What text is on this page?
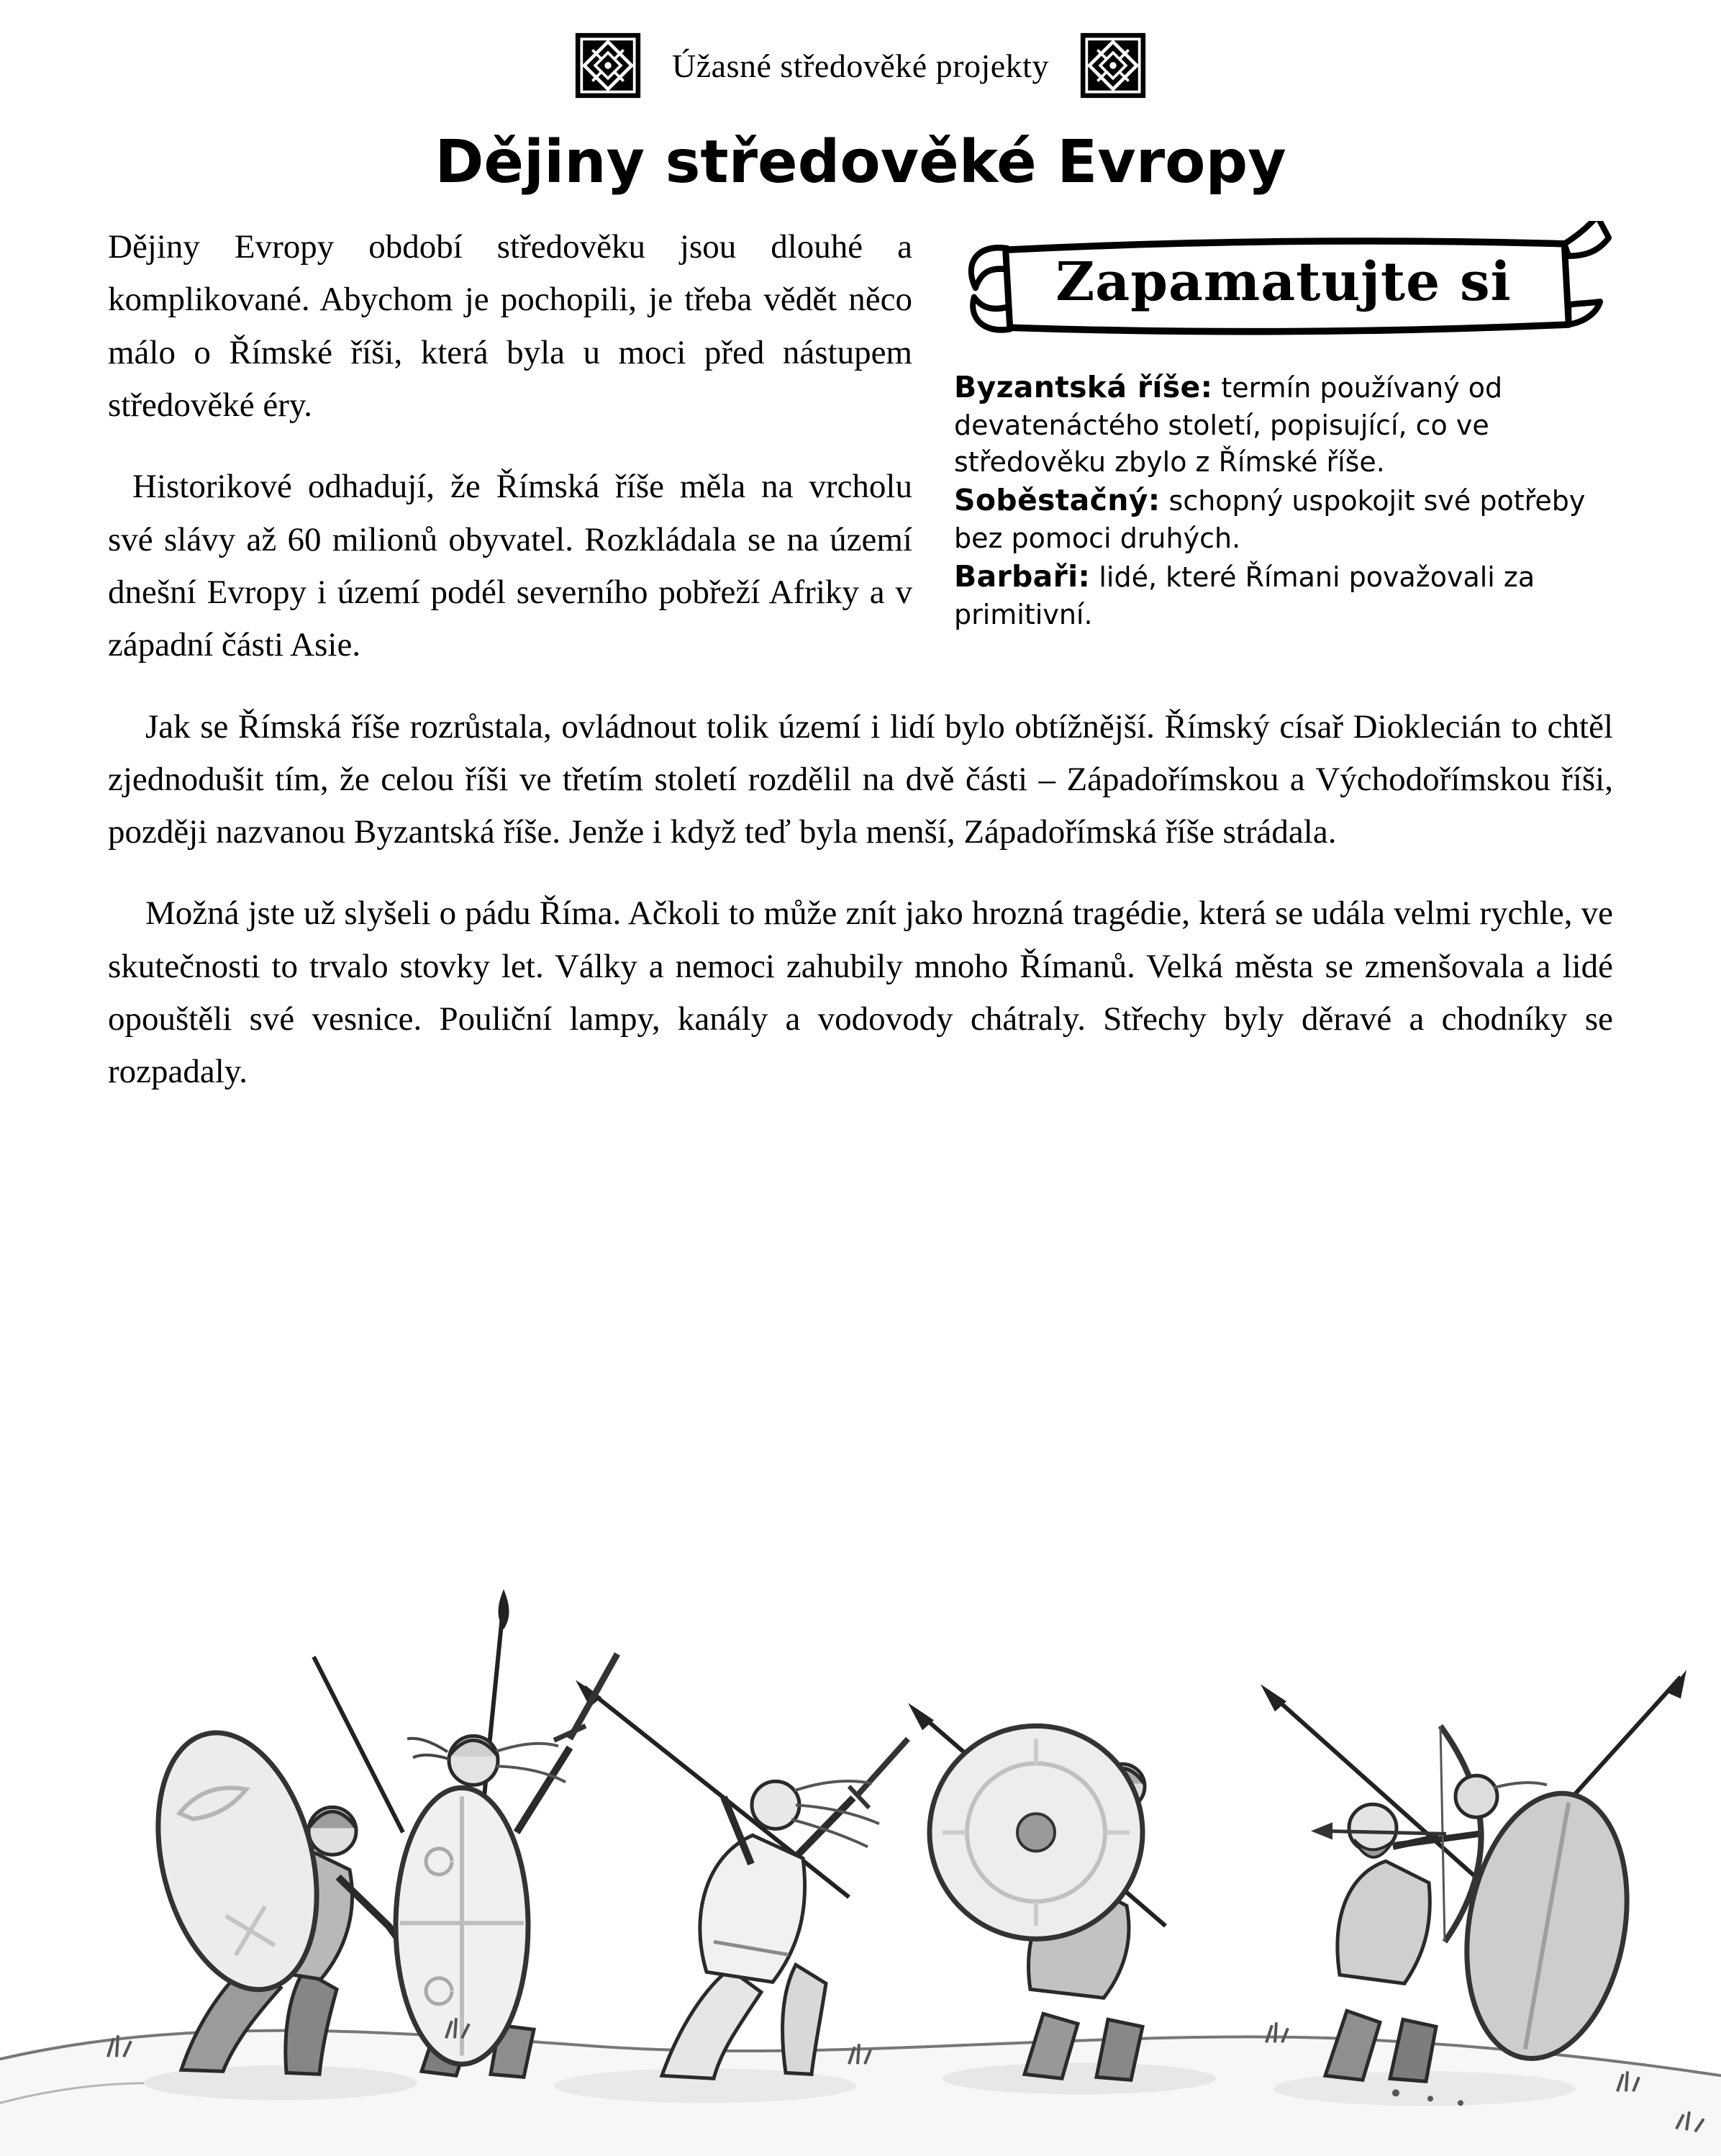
Úžasné středověké projekty
Dějiny středověké Evropy

Dějiny Evropy období středověku jsou dlouhé a komplikované. Abychom je pochopili, je třeba vědět něco málo o Římské říši, která byla u moci před nástupem středověké éry.

Historikové odhadují, že Římská říše měla na vrcholu své slávy až 60 milionů obyvatel. Rozkládala se na území dnešní Evropy i území podél severního pobřeží Afriky a v západní části Asie.

Zapamatujte si

Byzantská říše: termín používaný od devatenáctého století, popisující, co ve středověku zbylo z Římské říše.

Soběstačný: schopný uspokojit své potřeby bez pomoci druhých.

Barbaři: lidé, které Římani považovali za primitivní.

Jak se Římská říše rozrůstala, ovládnout tolik území i lidí bylo obtížnější. Římský císař Dioklecián to chtěl zjednodušit tím, že celou říši ve třetím století rozdělil na dvě části – Západořímskou a Východořímskou říši, později nazvanou Byzantská říše. Jenže i když teď byla menší, Západořímská říše strádala.

Možná jste už slyšeli o pádu Říma. Ačkoli to může znít jako hrozná tragédie, která se udála velmi rychle, ve skutečnosti to trvalo stovky let. Války a nemoci zahubily mnoho Římanů. Velká města se zmenšovala a lidé opouštěli své vesnice. Pouliční lampy, kanály a vodovody chátraly. Střechy byly děravé a chodníky se rozpadaly.
